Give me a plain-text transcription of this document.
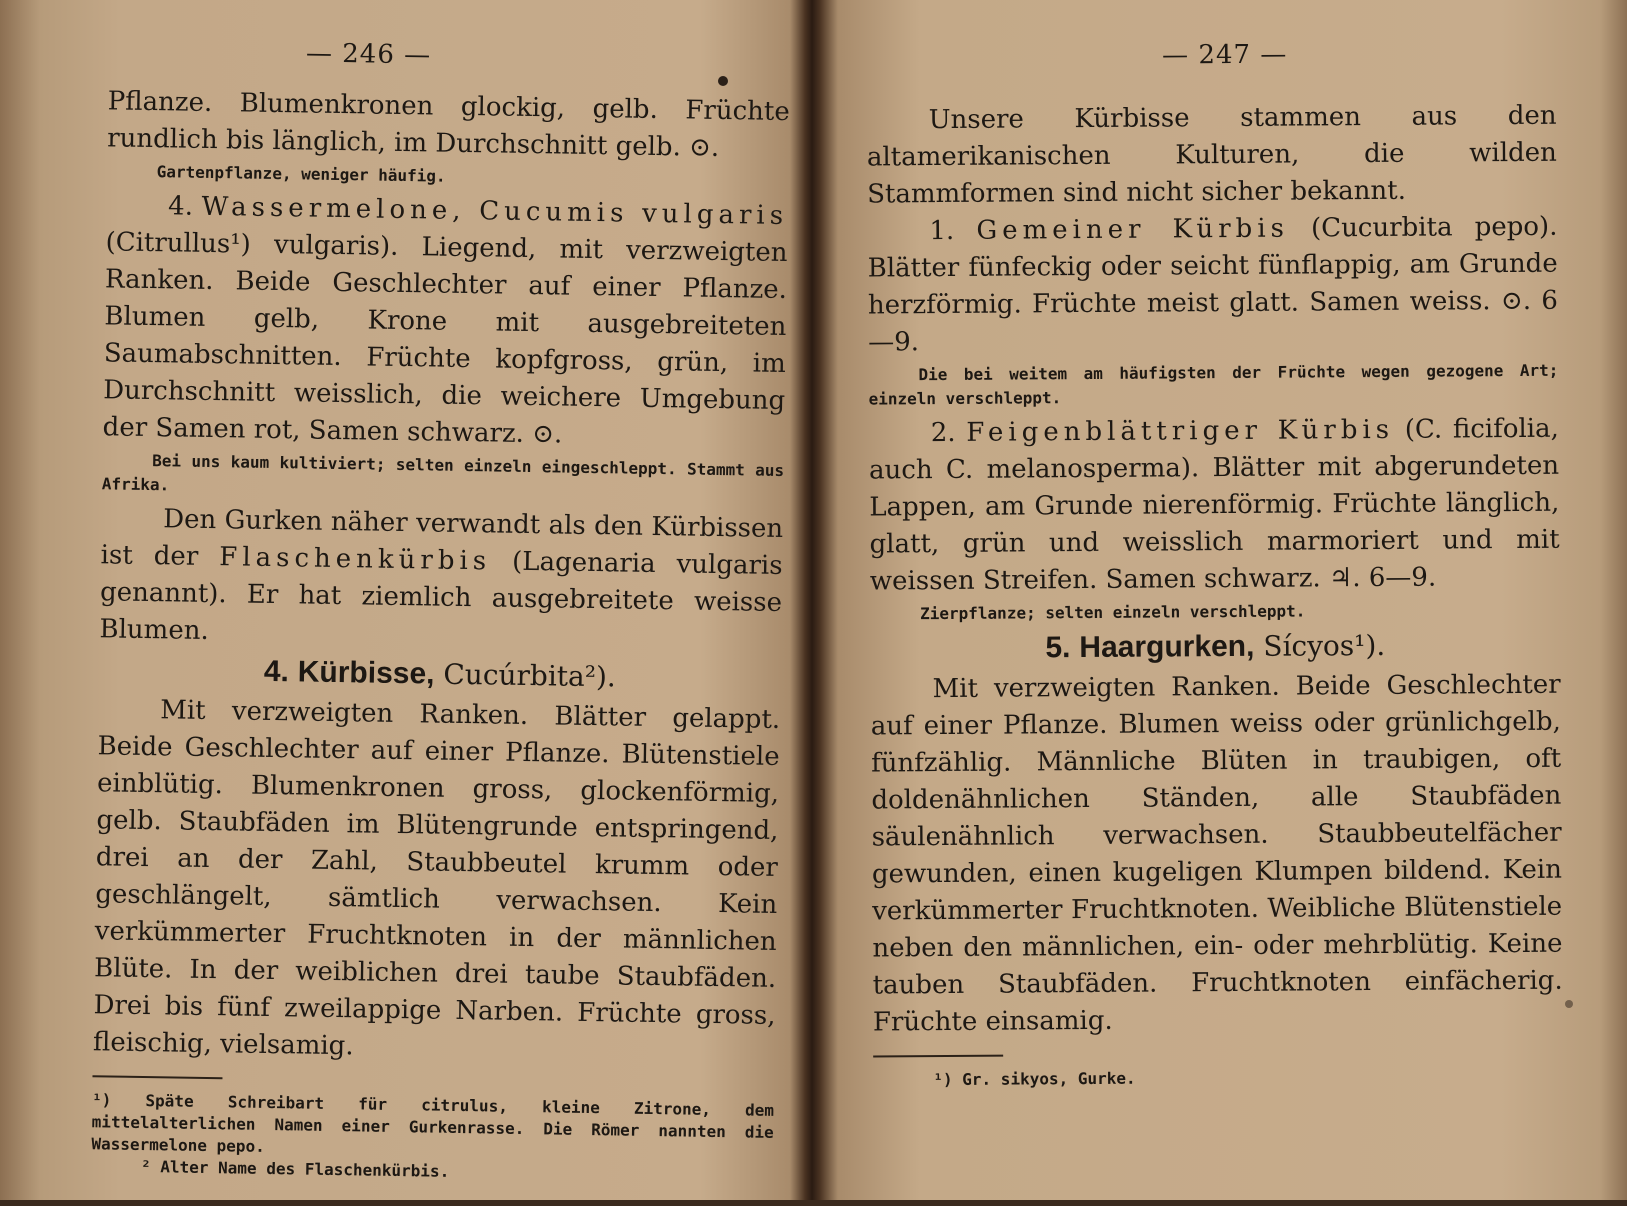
— 246 —

Pflanze. Blumenkronen glockig, gelb. Früchte rundlich bis länglich, im Durchschnitt gelb. ⊙.

Gartenpflanze, weniger häufig.

4. Wassermelone, Cucumis vulgaris (Citrullus¹) vulgaris). Liegend, mit verzweigten Ranken. Beide Geschlechter auf einer Pflanze. Blumen gelb, Krone mit ausgebreiteten Saumabschnitten. Früchte kopfgross, grün, im Durchschnitt weisslich, die weichere Umgebung der Samen rot, Samen schwarz. ⊙.

Bei uns kaum kultiviert; selten einzeln eingeschleppt. Stammt aus Afrika.

Den Gurken näher verwandt als den Kürbissen ist der Flaschenkürbis (Lagenaria vulgaris genannt). Er hat ziemlich ausgebreitete weisse Blumen.

4. Kürbisse, Cucúrbita²).

Mit verzweigten Ranken. Blätter gelappt. Beide Geschlechter auf einer Pflanze. Blütenstiele einblütig. Blumenkronen gross, glockenförmig, gelb. Staubfäden im Blütengrunde entspringend, drei an der Zahl, Staubbeutel krumm oder geschlängelt, sämtlich verwachsen. Kein verkümmerter Fruchtknoten in der männlichen Blüte. In der weiblichen drei taube Staubfäden. Drei bis fünf zweilappige Narben. Früchte gross, fleischig, vielsamig.

¹) Späte Schreibart für citrulus, kleine Zitrone, dem mittelalterlichen Namen einer Gurkenrasse. Die Römer nannten die Wassermelone pepo.

² Alter Name des Flaschenkürbis.

— 247 —

Unsere Kürbisse stammen aus den altamerikanischen Kulturen, die wilden Stammformen sind nicht sicher bekannt.

1. Gemeiner Kürbis (Cucurbita pepo). Blätter fünfeckig oder seicht fünflappig, am Grunde herzförmig. Früchte meist glatt. Samen weiss. ⊙. 6—9.

Die bei weitem am häufigsten der Früchte wegen gezogene Art; einzeln verschleppt.

2. Feigenblättriger Kürbis (C. ficifolia, auch C. melanosperma). Blätter mit abgerundeten Lappen, am Grunde nierenförmig. Früchte länglich, glatt, grün und weisslich marmoriert und mit weissen Streifen. Samen schwarz. ♃. 6—9.

Zierpflanze; selten einzeln verschleppt.

5. Haargurken, Sícyos¹).

Mit verzweigten Ranken. Beide Geschlechter auf einer Pflanze. Blumen weiss oder grünlichgelb, fünfzählig. Männliche Blüten in traubigen, oft doldenähnlichen Ständen, alle Staubfäden säulenähnlich verwachsen. Staubbeutelfächer gewunden, einen kugeligen Klumpen bildend. Kein verkümmerter Fruchtknoten. Weibliche Blütenstiele neben den männlichen, ein- oder mehrblütig. Keine tauben Staubfäden. Fruchtknoten einfächerig. Früchte einsamig.

¹) Gr. sikyos, Gurke.
